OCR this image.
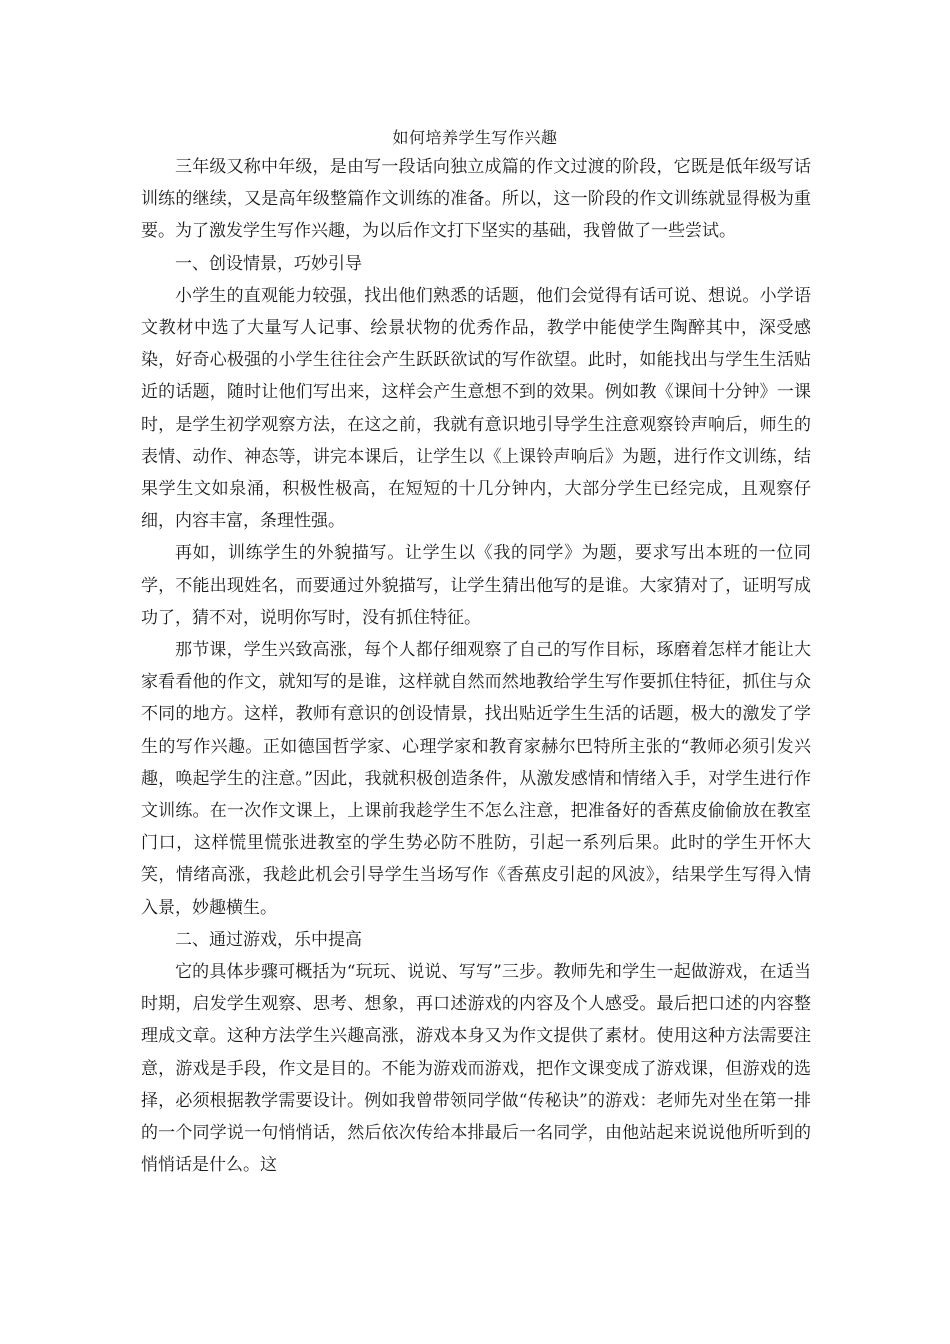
如何培养学生写作兴趣

三年级又称中年级，是由写一段话向独立成篇的作文过渡的阶段，它既是低年级写话训练的继续，又是高年级整篇作文训练的准备。所以，这一阶段的作文训练就显得极为重要。为了激发学生写作兴趣，为以后作文打下坚实的基础，我曾做了一些尝试。

一、创设情景，巧妙引导

小学生的直观能力较强，找出他们熟悉的话题，他们会觉得有话可说、想说。小学语文教材中选了大量写人记事、绘景状物的优秀作品，教学中能使学生陶醉其中，深受感染，好奇心极强的小学生往往会产生跃跃欲试的写作欲望。此时，如能找出与学生生活贴近的话题，随时让他们写出来，这样会产生意想不到的效果。例如教《课间十分钟》一课时，是学生初学观察方法，在这之前，我就有意识地引导学生注意观察铃声响后，师生的表情、动作、神态等，讲完本课后，让学生以《上课铃声响后》为题，进行作文训练，结果学生文如泉涌，积极性极高，在短短的十几分钟内，大部分学生已经完成，且观察仔细，内容丰富，条理性强。

再如，训练学生的外貌描写。让学生以《我的同学》为题，要求写出本班的一位同学，不能出现姓名，而要通过外貌描写，让学生猜出他写的是谁。大家猜对了，证明写成功了，猜不对，说明你写时，没有抓住特征。

那节课，学生兴致高涨，每个人都仔细观察了自己的写作目标，琢磨着怎样才能让大家看看他的作文，就知写的是谁，这样就自然而然地教给学生写作要抓住特征，抓住与众不同的地方。这样，教师有意识的创设情景，找出贴近学生生活的话题，极大的激发了学生的写作兴趣。正如德国哲学家、心理学家和教育家赫尔巴特所主张的“教师必须引发兴趣，唤起学生的注意。”因此，我就积极创造条件，从激发感情和情绪入手，对学生进行作文训练。在一次作文课上，上课前我趁学生不怎么注意，把准备好的香蕉皮偷偷放在教室门口，这样慌里慌张进教室的学生势必防不胜防，引起一系列后果。此时的学生开怀大笑，情绪高涨，我趁此机会引导学生当场写作《香蕉皮引起的风波》，结果学生写得入情入景，妙趣横生。

二、通过游戏，乐中提高

它的具体步骤可概括为“玩玩、说说、写写”三步。教师先和学生一起做游戏，在适当时期，启发学生观察、思考、想象，再口述游戏的内容及个人感受。最后把口述的内容整理成文章。这种方法学生兴趣高涨，游戏本身又为作文提供了素材。使用这种方法需要注意，游戏是手段，作文是目的。不能为游戏而游戏，把作文课变成了游戏课，但游戏的选择，必须根据教学需要设计。例如我曾带领同学做“传秘诀”的游戏：老师先对坐在第一排的一个同学说一句悄悄话，然后依次传给本排最后一名同学，由他站起来说说他所听到的悄悄话是什么。这
